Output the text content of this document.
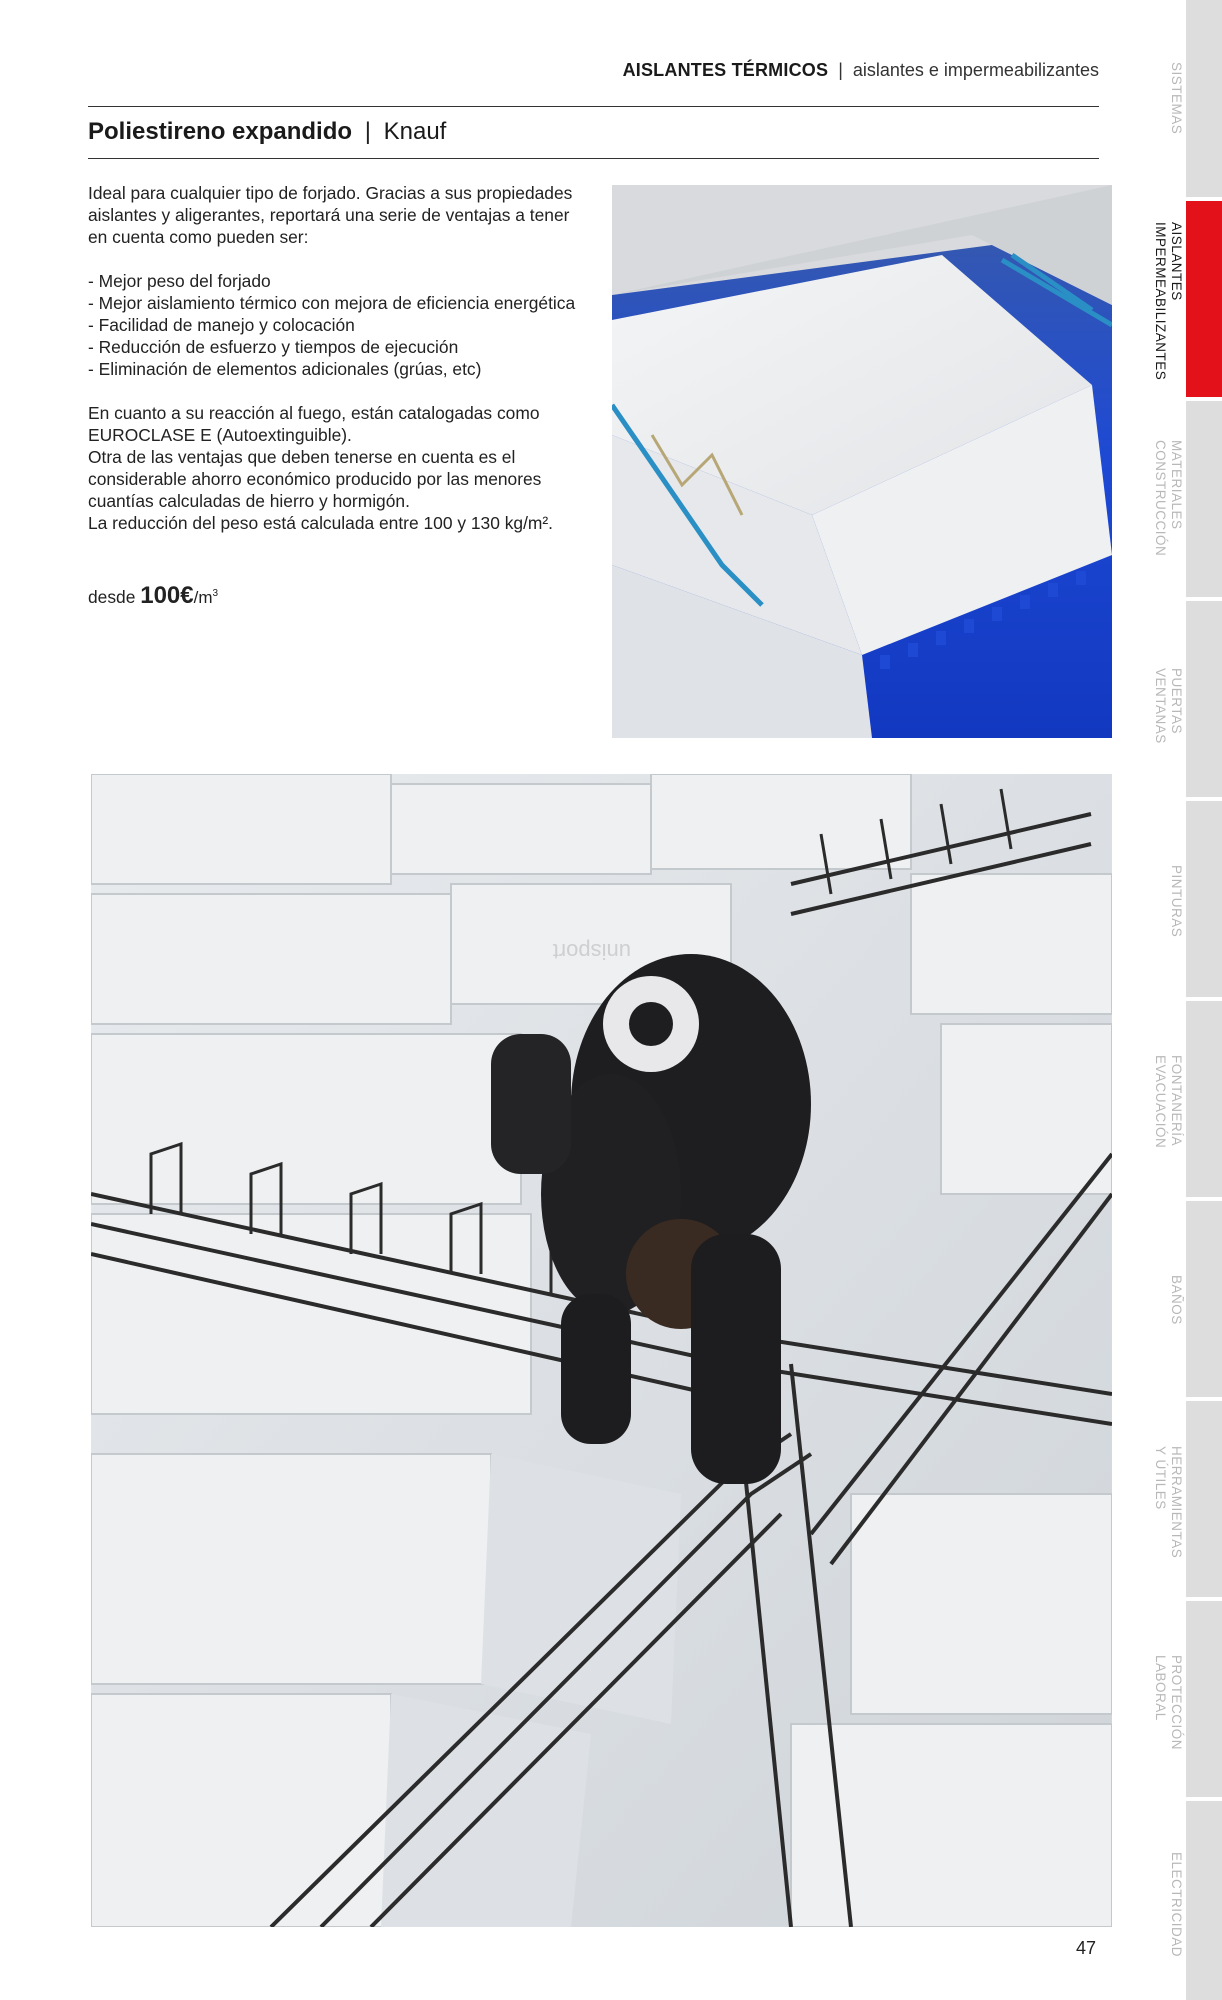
AISLANTES TÉRMICOS | aislantes e impermeabilizantes
Poliestireno expandido | Knauf

Ideal para cualquier tipo de forjado. Gracias a sus propiedades aislantes y aligerantes, reportará una serie de ventajas a tener en cuenta como pueden ser:

- Mejor peso del forjado
- Mejor aislamiento térmico con mejora de eficiencia energética
- Facilidad de manejo y colocación
- Reducción de esfuerzo y tiempos de ejecución
- Eliminación de elementos adicionales (grúas, etc)

En cuanto a su reacción al fuego, están catalogadas como EUROCLASE E (Autoextinguible).
Otra de las ventajas que deben tenerse en cuenta es el considerable ahorro económico producido por las menores cuantías calculadas de hierro y hormigón.
La reducción del peso está calculada entre 100 y 130 kg/m².

desde $100€/m^3$
unisport
47
SISTEMAS
AISLANTES
IMPERMEABILIZANTES
MATERIALES
CONSTRUCCIÓN
PUERTAS
VENTANAS
PINTURAS
FONTANERÍA
EVACUACIÓN
BAÑOS
HERRAMIENTAS
Y ÚTILES
PROTECCIÓN
LABORAL
ELECTRICIDAD
